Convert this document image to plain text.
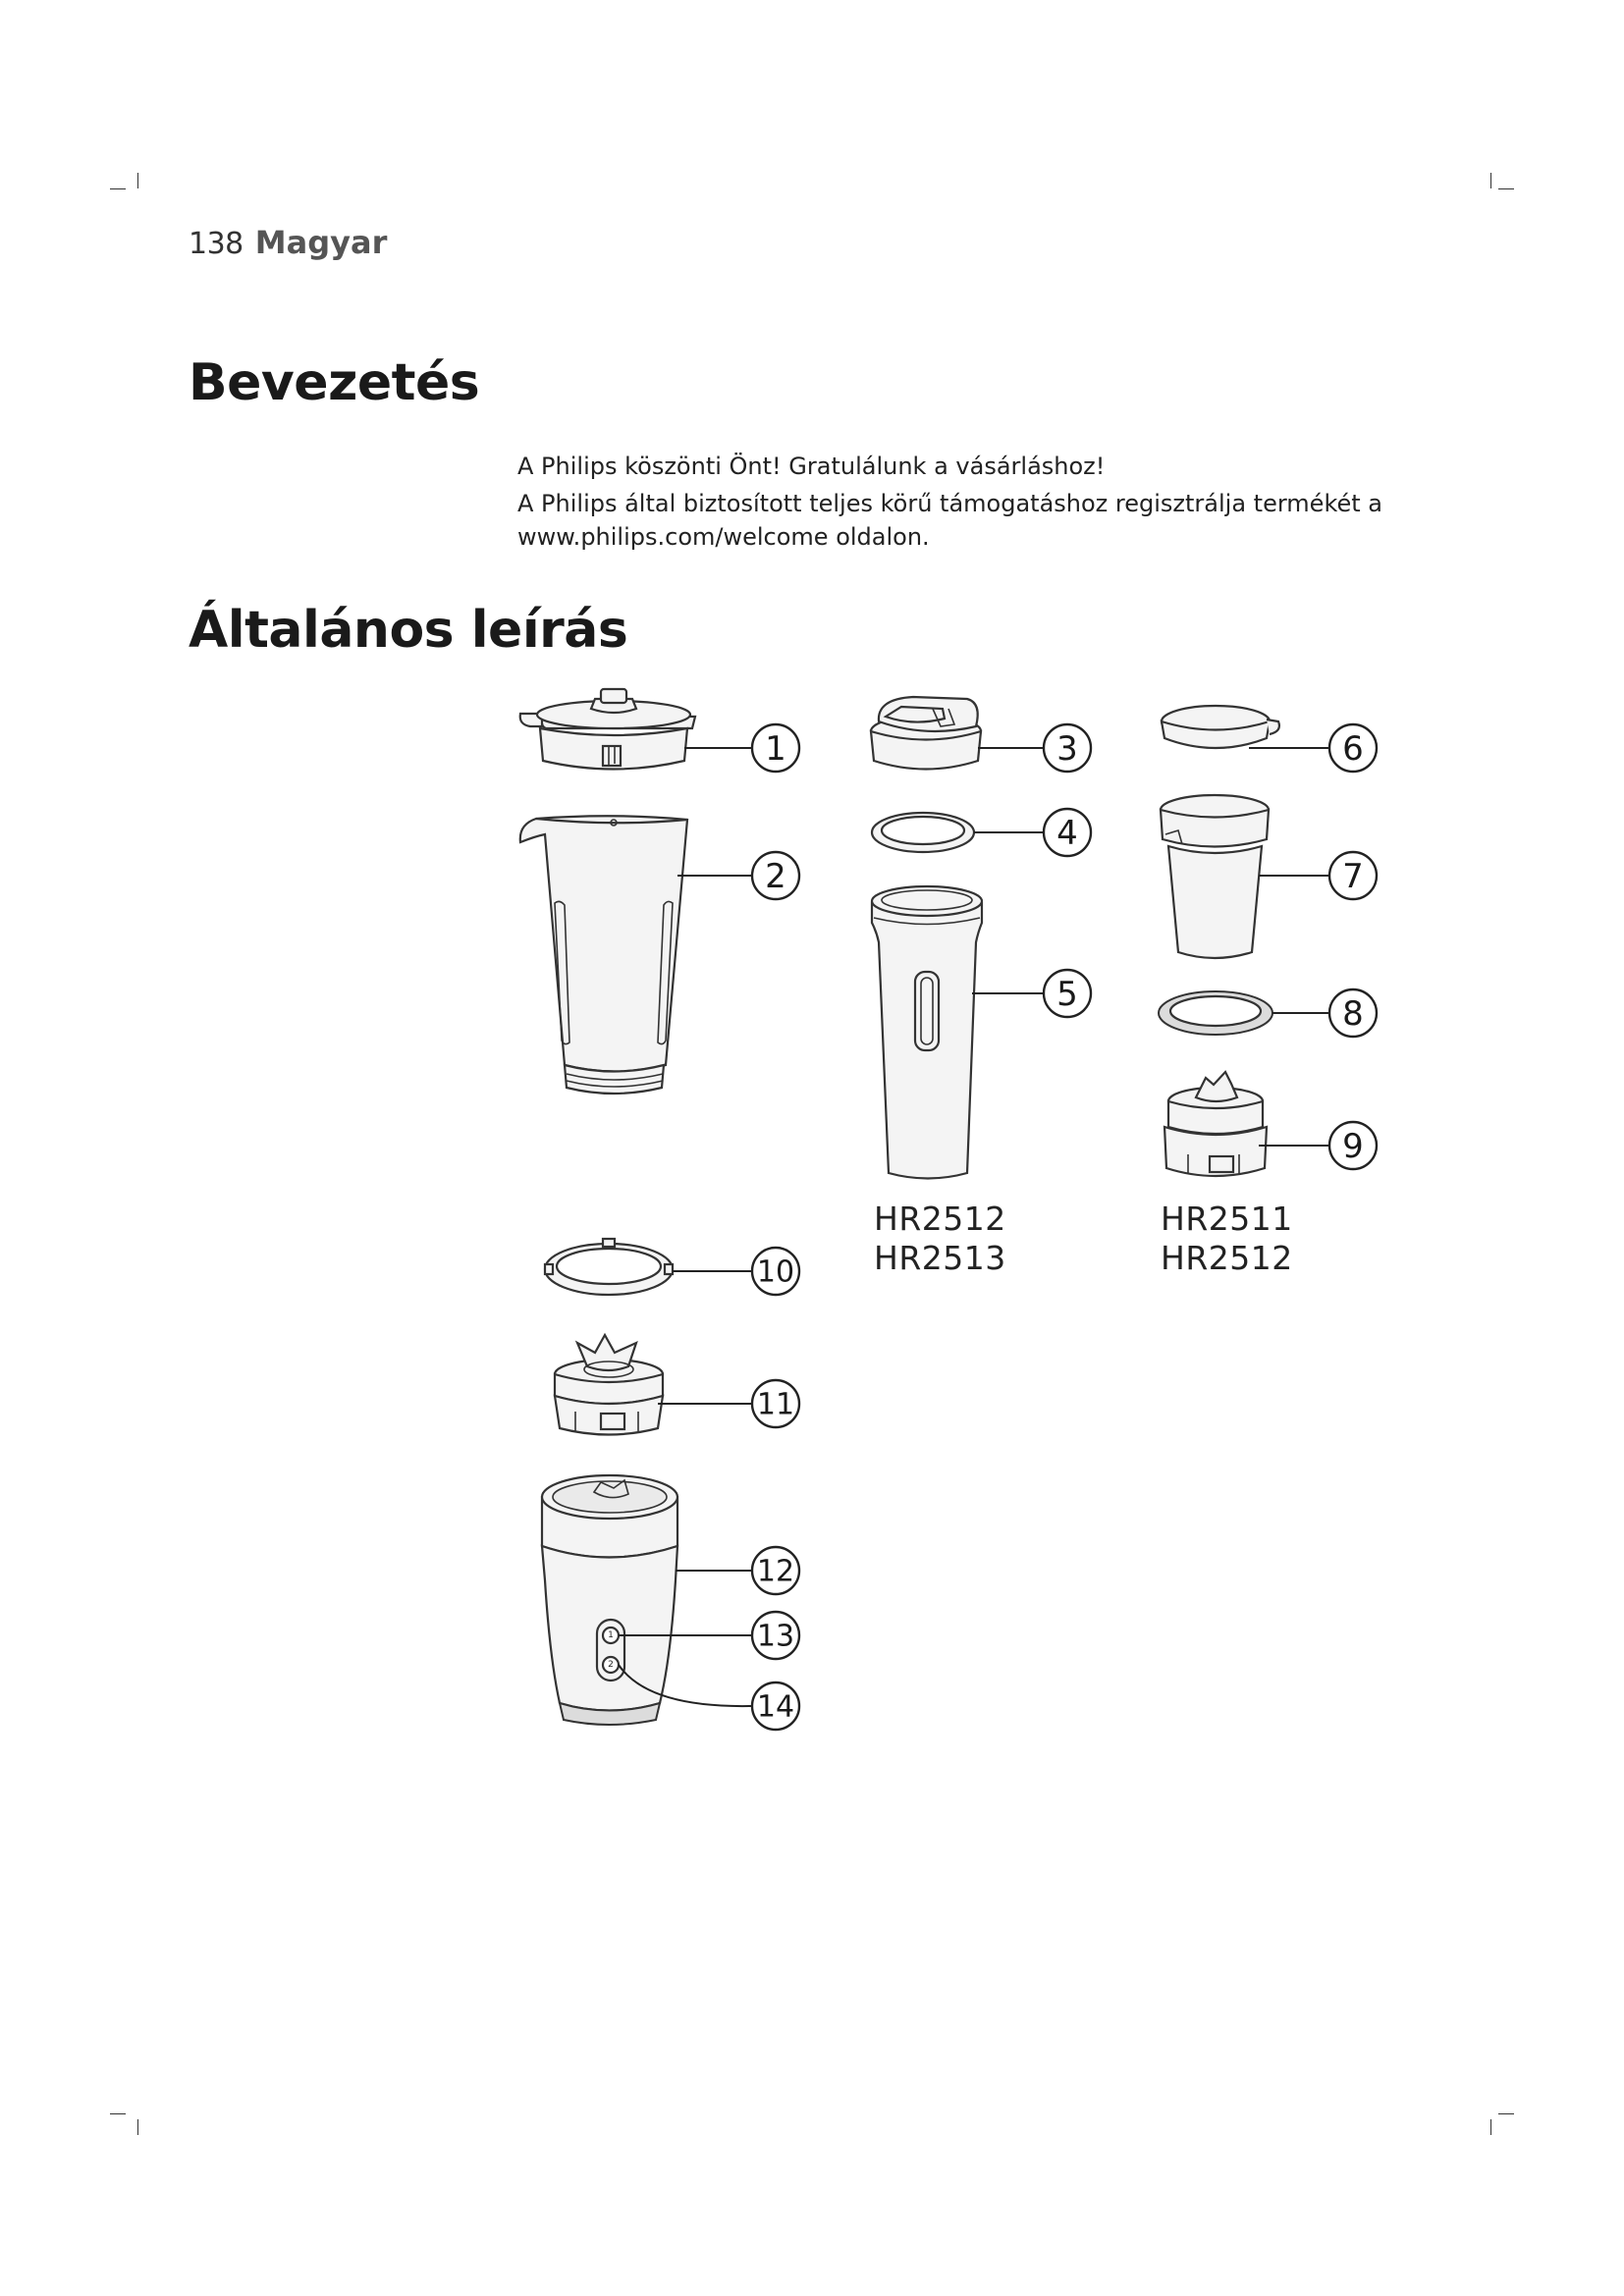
138 Magyar
Bevezetés

A Philips köszönti Önt! Gratulálunk a vásárláshoz!

A Philips által biztosított teljes körű támogatáshoz regisztrálja termékét a www.philips.com/welcome oldalon.

Általános leírás
1
2
1
2
3
4
5
6
7
8
9
10
11
12
13
14
HR2512
HR2513
HR2511
HR2512
